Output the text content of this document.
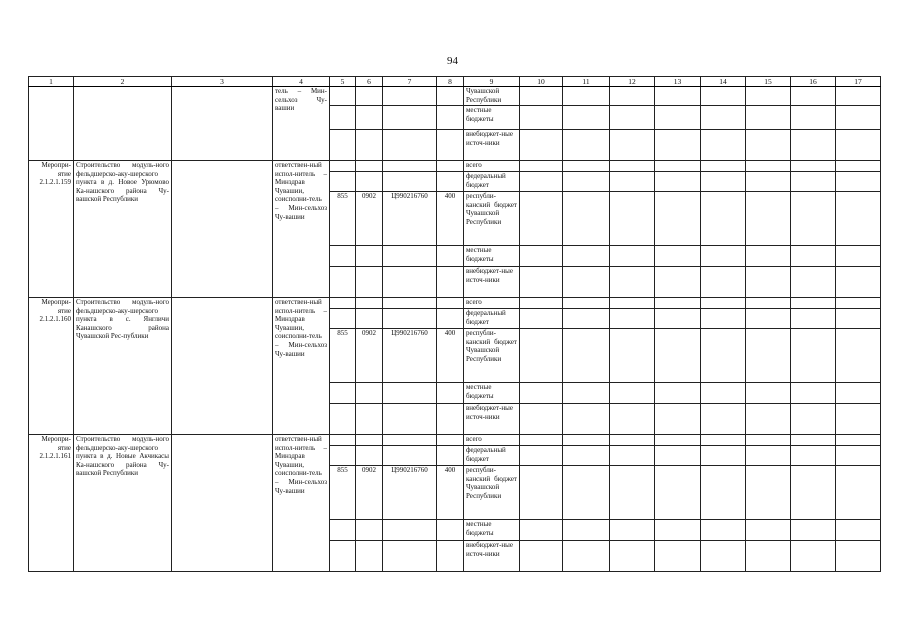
94
1	2	3	4	5	6	7	8	9	10	11	12	13	14	15	16	17
			тель – Мин-сельхоз Чу-вашии					Чувашской Республики								
								местные бюджеты								
								внебюджет-ные источ-ники								
Меропри-ятие 2.1.2.1.159	Строительство модуль-ного фельдшерско-аку-шерского пункта в д. Новое Урюмово Ка-нашского района Чу-вашской Республики		ответствен-ный испол-нитель – Минздрав Чувашии, соисполни-тель – Мин-сельхоз Чу-вашии					всего								
								федеральный бюджет								
				855	0902	Ц990216760	400	республи-канский бюджет Чувашской Республики								
								местные бюджеты								
								внебюджет-ные источ-ники								
Меропри-ятие 2.1.2.1.160	Строительство модуль-ного фельдшерско-аку-шерского пункта в с. Янгличи Канашского района Чувашской Рес-публики		ответствен-ный испол-нитель – Минздрав Чувашии, соисполни-тель – Мин-сельхоз Чу-вашии					всего								
								федеральный бюджет								
				855	0902	Ц990216760	400	республи-канский бюджет Чувашской Республики								
								местные бюджеты								
								внебюджет-ные источ-ники								
Меропри-ятие 2.1.2.1.161	Строительство модуль-ного фельдшерско-аку-шерского пункта в д. Новые Акчикасы Ка-нашского района Чу-вашской Республики		ответствен-ный испол-нитель – Минздрав Чувашии, соисполни-тель – Мин-сельхоз Чу-вашии					всего								
								федеральный бюджет								
				855	0902	Ц990216760	400	республи-канский бюджет Чувашской Республики								
								местные бюджеты								
								внебюджет-ные источ-ники								
